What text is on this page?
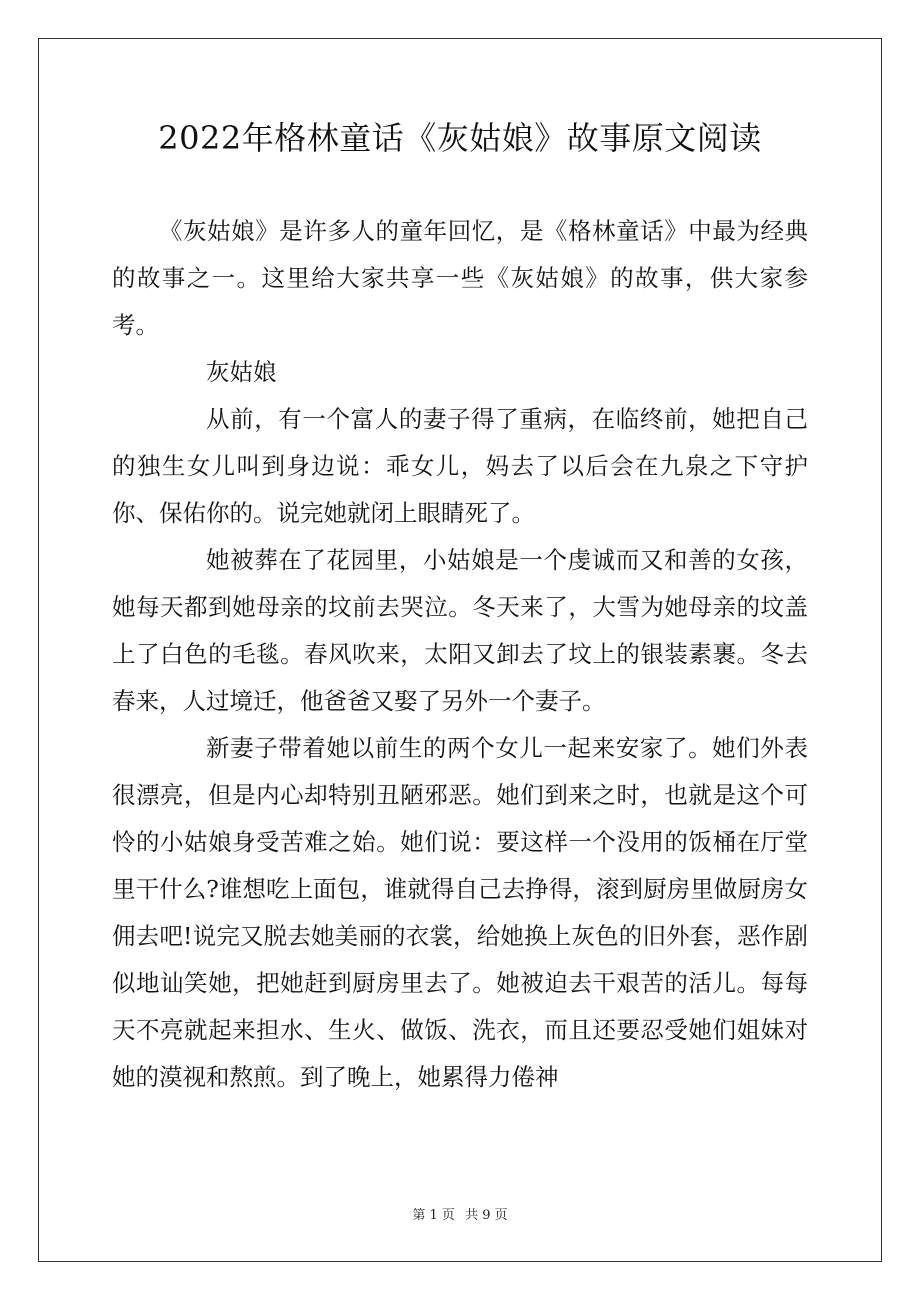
2022年格林童话《灰姑娘》故事原文阅读

《灰姑娘》是许多人的童年回忆，是《格林童话》中最为经典的故事之一。这里给大家共享一些《灰姑娘》的故事，供大家参考。

灰姑娘

从前，有一个富人的妻子得了重病，在临终前，她把自己的独生女儿叫到身边说：乖女儿，妈去了以后会在九泉之下守护你、保佑你的。说完她就闭上眼睛死了。

她被葬在了花园里，小姑娘是一个虔诚而又和善的女孩，她每天都到她母亲的坟前去哭泣。冬天来了，大雪为她母亲的坟盖上了白色的毛毯。春风吹来，太阳又卸去了坟上的银装素裹。冬去春来，人过境迁，他爸爸又娶了另外一个妻子。

新妻子带着她以前生的两个女儿一起来安家了。她们外表很漂亮，但是内心却特别丑陋邪恶。她们到来之时，也就是这个可怜的小姑娘身受苦难之始。她们说：要这样一个没用的饭桶在厅堂里干什么?谁想吃上面包，谁就得自己去挣得，滚到厨房里做厨房女佣去吧!说完又脱去她美丽的衣裳，给她换上灰色的旧外套，恶作剧似地讪笑她，把她赶到厨房里去了。她被迫去干艰苦的活儿。每每天不亮就起来担水、生火、做饭、洗衣，而且还要忍受她们姐妹对她的漠视和熬煎。到了晚上，她累得力倦神

第 1 页 共 9 页
